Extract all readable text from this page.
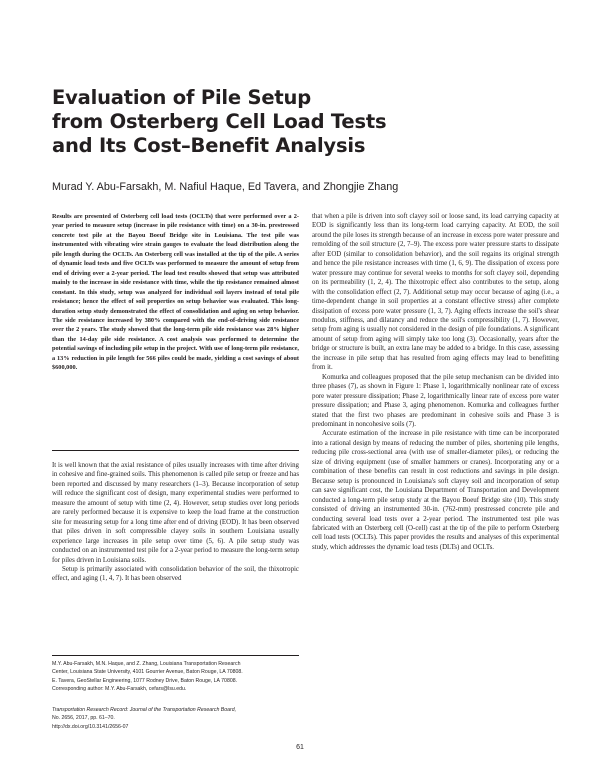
Evaluation of Pile Setup
from Osterberg Cell Load Tests
and Its Cost–Benefit Analysis
Murad Y. Abu-Farsakh, M. Nafiul Haque, Ed Tavera, and Zhongjie Zhang
Results are presented of Osterberg cell load tests (OCLTs) that were performed over a 2-year period to measure setup (increase in pile resistance with time) on a 30-in. prestressed concrete test pile at the Bayou Boeuf Bridge site in Louisiana. The test pile was instrumented with vibrating wire strain gauges to evaluate the load distribution along the pile length during the OCLTs. An Osterberg cell was installed at the tip of the pile. A series of dynamic load tests and five OCLTs was performed to measure the amount of setup from end of driving over a 2-year period. The load test results showed that setup was attributed mainly to the increase in side resistance with time, while the tip resistance remained almost constant. In this study, setup was analyzed for individual soil layers instead of total pile resistance; hence the effect of soil properties on setup behavior was evaluated. This long-duration setup study demonstrated the effect of consolidation and aging on setup behavior. The side resistance increased by 380% compared with the end-of-driving side resistance over the 2 years. The study showed that the long-term pile side resistance was 28% higher than the 14-day pile side resistance. A cost analysis was performed to determine the potential savings of including pile setup in the project. With use of long-term pile resistance, a 13% reduction in pile length for 566 piles could be made, yielding a cost savings of about $600,000.

It is well known that the axial resistance of piles usually increases with time after driving in cohesive and fine-grained soils. This phenomenon is called pile setup or freeze and has been reported and discussed by many researchers (1–3). Because incorporation of setup will reduce the significant cost of design, many experimental studies were performed to measure the amount of setup with time (2, 4). However, setup studies over long periods are rarely performed because it is expensive to keep the load frame at the construction site for measuring setup for a long time after end of driving (EOD). It has been observed that piles driven in soft compressible clayey soils in southern Louisiana usually experience large increases in pile setup over time (5, 6). A pile setup study was conducted on an instrumented test pile for a 2-year period to measure the long-term setup for piles driven in Louisiana soils.

Setup is primarily associated with consolidation behavior of the soil, the thixotropic effect, and aging (1, 4, 7). It has been observed

M.Y. Abu-Farsakh, M.N. Haque, and Z. Zhang, Louisiana Transportation Research
Center, Louisiana State University, 4101 Gourrier Avenue, Baton Rouge, LA 70808.
E. Tavera, GeoStellar Engineering, 1077 Rodney Drive, Baton Rouge, LA 70808.
Corresponding author: M.Y. Abu-Farsakh, cefars@lsu.edu.
Transportation Research Record: Journal of the Transportation Research Board,
No. 2656, 2017, pp. 61–70.
http://dx.doi.org/10.3141/2656-07

that when a pile is driven into soft clayey soil or loose sand, its load carrying capacity at EOD is significantly less than its long-term load carrying capacity. At EOD, the soil around the pile loses its strength because of an increase in excess pore water pressure and remolding of the soil structure (2, 7–9). The excess pore water pressure starts to dissipate after EOD (similar to consolidation behavior), and the soil regains its original strength and hence the pile resistance increases with time (1, 6, 9). The dissipation of excess pore water pressure may continue for several weeks to months for soft clayey soil, depending on its permeability (1, 2, 4). The thixotropic effect also contributes to the setup, along with the consolidation effect (2, 7). Additional setup may occur because of aging (i.e., a time-dependent change in soil properties at a constant effective stress) after complete dissipation of excess pore water pressure (1, 3, 7). Aging effects increase the soil's shear modulus, stiffness, and dilatancy and reduce the soil's compressibility (1, 7). However, setup from aging is usually not considered in the design of pile foundations. A significant amount of setup from aging will simply take too long (3). Occasionally, years after the bridge or structure is built, an extra lane may be added to a bridge. In this case, assessing the increase in pile setup that has resulted from aging effects may lead to benefitting from it.

Komurka and colleagues proposed that the pile setup mechanism can be divided into three phases (7), as shown in Figure 1: Phase 1, logarithmically nonlinear rate of excess pore water pressure dissipation; Phase 2, logarithmically linear rate of excess pore water pressure dissipation; and Phase 3, aging phenomenon. Komurka and colleagues further stated that the first two phases are predominant in cohesive soils and Phase 3 is predominant in noncohesive soils (7).

Accurate estimation of the increase in pile resistance with time can be incorporated into a rational design by means of reducing the number of piles, shortening pile lengths, reducing pile cross-sectional area (with use of smaller-diameter piles), or reducing the size of driving equipment (use of smaller hammers or cranes). Incorporating any or a combination of these benefits can result in cost reductions and savings in pile design. Because setup is pronounced in Louisiana's soft clayey soil and incorporation of setup can save significant cost, the Louisiana Department of Transportation and Development conducted a long-term pile setup study at the Bayou Boeuf Bridge site (10). This study consisted of driving an instrumented 30-in. (762-mm) prestressed concrete pile and conducting several load tests over a 2-year period. The instrumented test pile was fabricated with an Osterberg cell (O-cell) cast at the tip of the pile to perform Osterberg cell load tests (OCLTs). This paper provides the results and analyses of this experimental study, which addresses the dynamic load tests (DLTs) and OCLTs.

61
